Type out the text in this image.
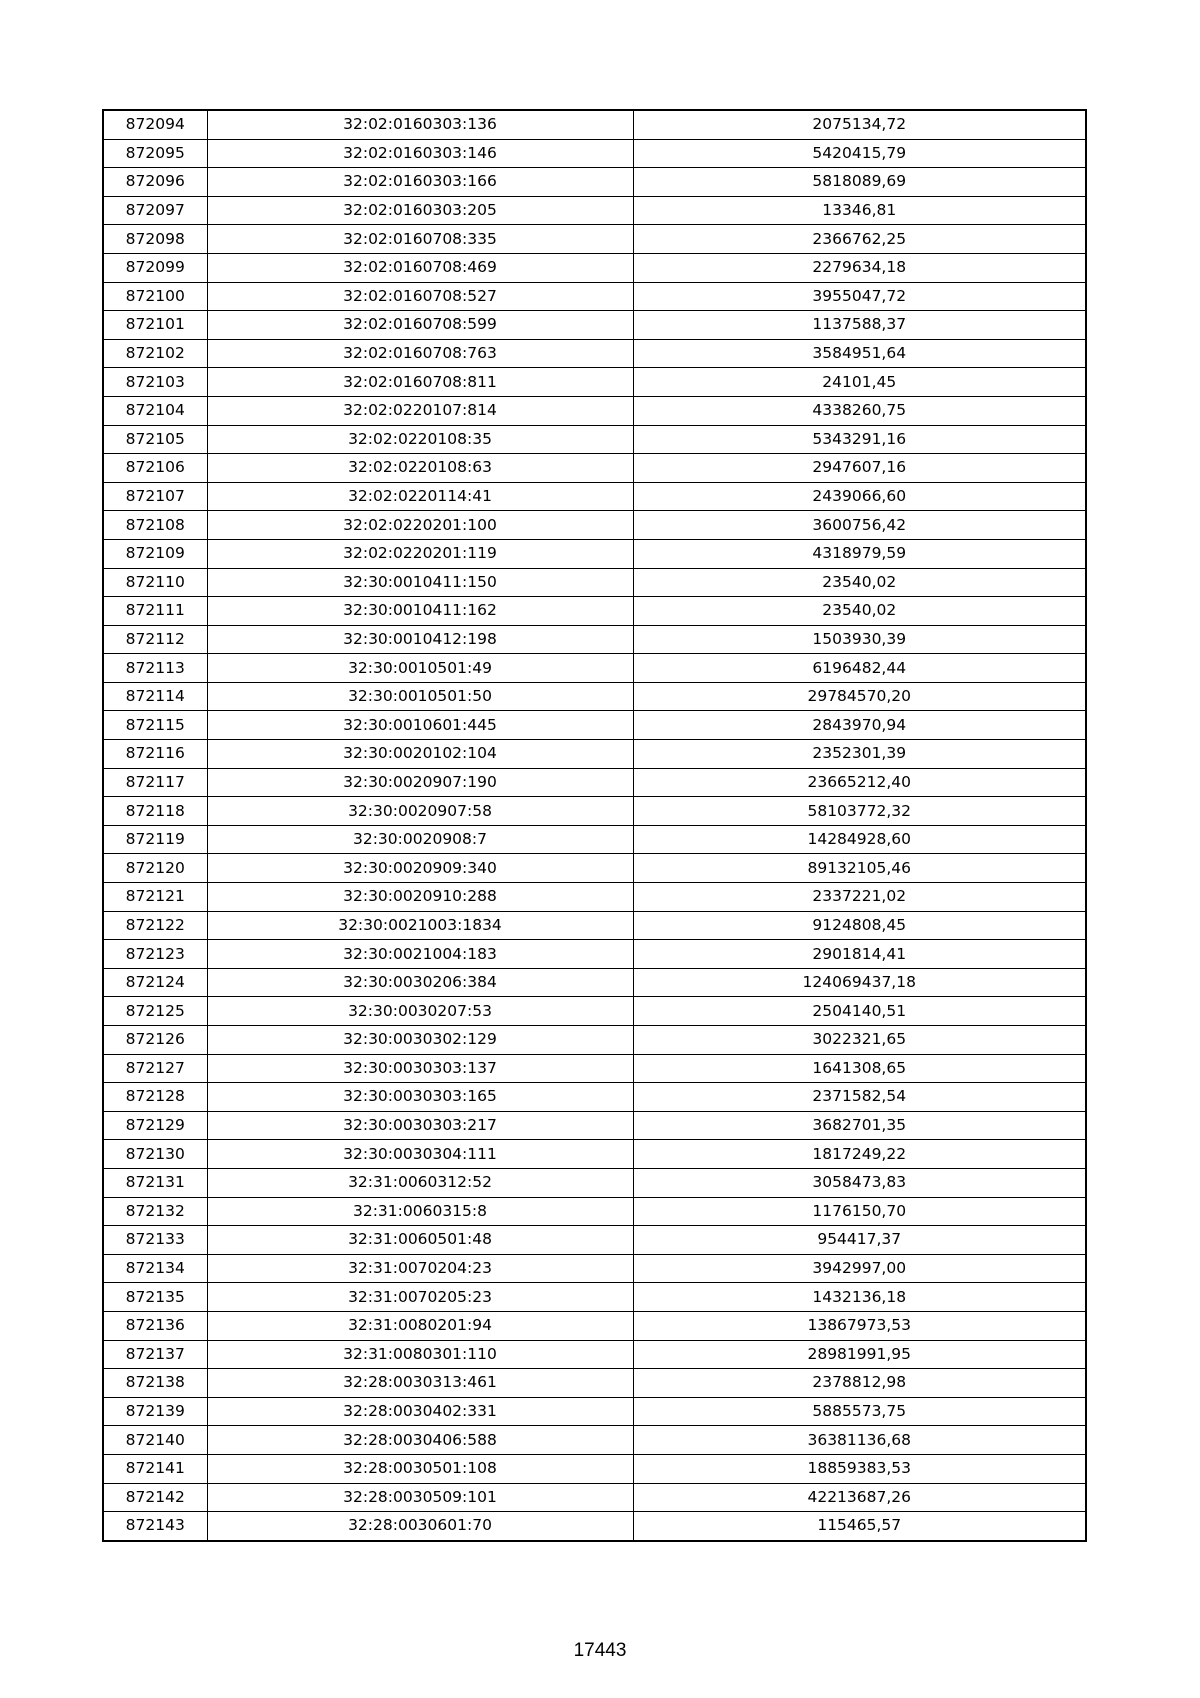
872094	32:02:0160303:136	2075134,72
872095	32:02:0160303:146	5420415,79
872096	32:02:0160303:166	5818089,69
872097	32:02:0160303:205	13346,81
872098	32:02:0160708:335	2366762,25
872099	32:02:0160708:469	2279634,18
872100	32:02:0160708:527	3955047,72
872101	32:02:0160708:599	1137588,37
872102	32:02:0160708:763	3584951,64
872103	32:02:0160708:811	24101,45
872104	32:02:0220107:814	4338260,75
872105	32:02:0220108:35	5343291,16
872106	32:02:0220108:63	2947607,16
872107	32:02:0220114:41	2439066,60
872108	32:02:0220201:100	3600756,42
872109	32:02:0220201:119	4318979,59
872110	32:30:0010411:150	23540,02
872111	32:30:0010411:162	23540,02
872112	32:30:0010412:198	1503930,39
872113	32:30:0010501:49	6196482,44
872114	32:30:0010501:50	29784570,20
872115	32:30:0010601:445	2843970,94
872116	32:30:0020102:104	2352301,39
872117	32:30:0020907:190	23665212,40
872118	32:30:0020907:58	58103772,32
872119	32:30:0020908:7	14284928,60
872120	32:30:0020909:340	89132105,46
872121	32:30:0020910:288	2337221,02
872122	32:30:0021003:1834	9124808,45
872123	32:30:0021004:183	2901814,41
872124	32:30:0030206:384	124069437,18
872125	32:30:0030207:53	2504140,51
872126	32:30:0030302:129	3022321,65
872127	32:30:0030303:137	1641308,65
872128	32:30:0030303:165	2371582,54
872129	32:30:0030303:217	3682701,35
872130	32:30:0030304:111	1817249,22
872131	32:31:0060312:52	3058473,83
872132	32:31:0060315:8	1176150,70
872133	32:31:0060501:48	954417,37
872134	32:31:0070204:23	3942997,00
872135	32:31:0070205:23	1432136,18
872136	32:31:0080201:94	13867973,53
872137	32:31:0080301:110	28981991,95
872138	32:28:0030313:461	2378812,98
872139	32:28:0030402:331	5885573,75
872140	32:28:0030406:588	36381136,68
872141	32:28:0030501:108	18859383,53
872142	32:28:0030509:101	42213687,26
872143	32:28:0030601:70	115465,57
17443
